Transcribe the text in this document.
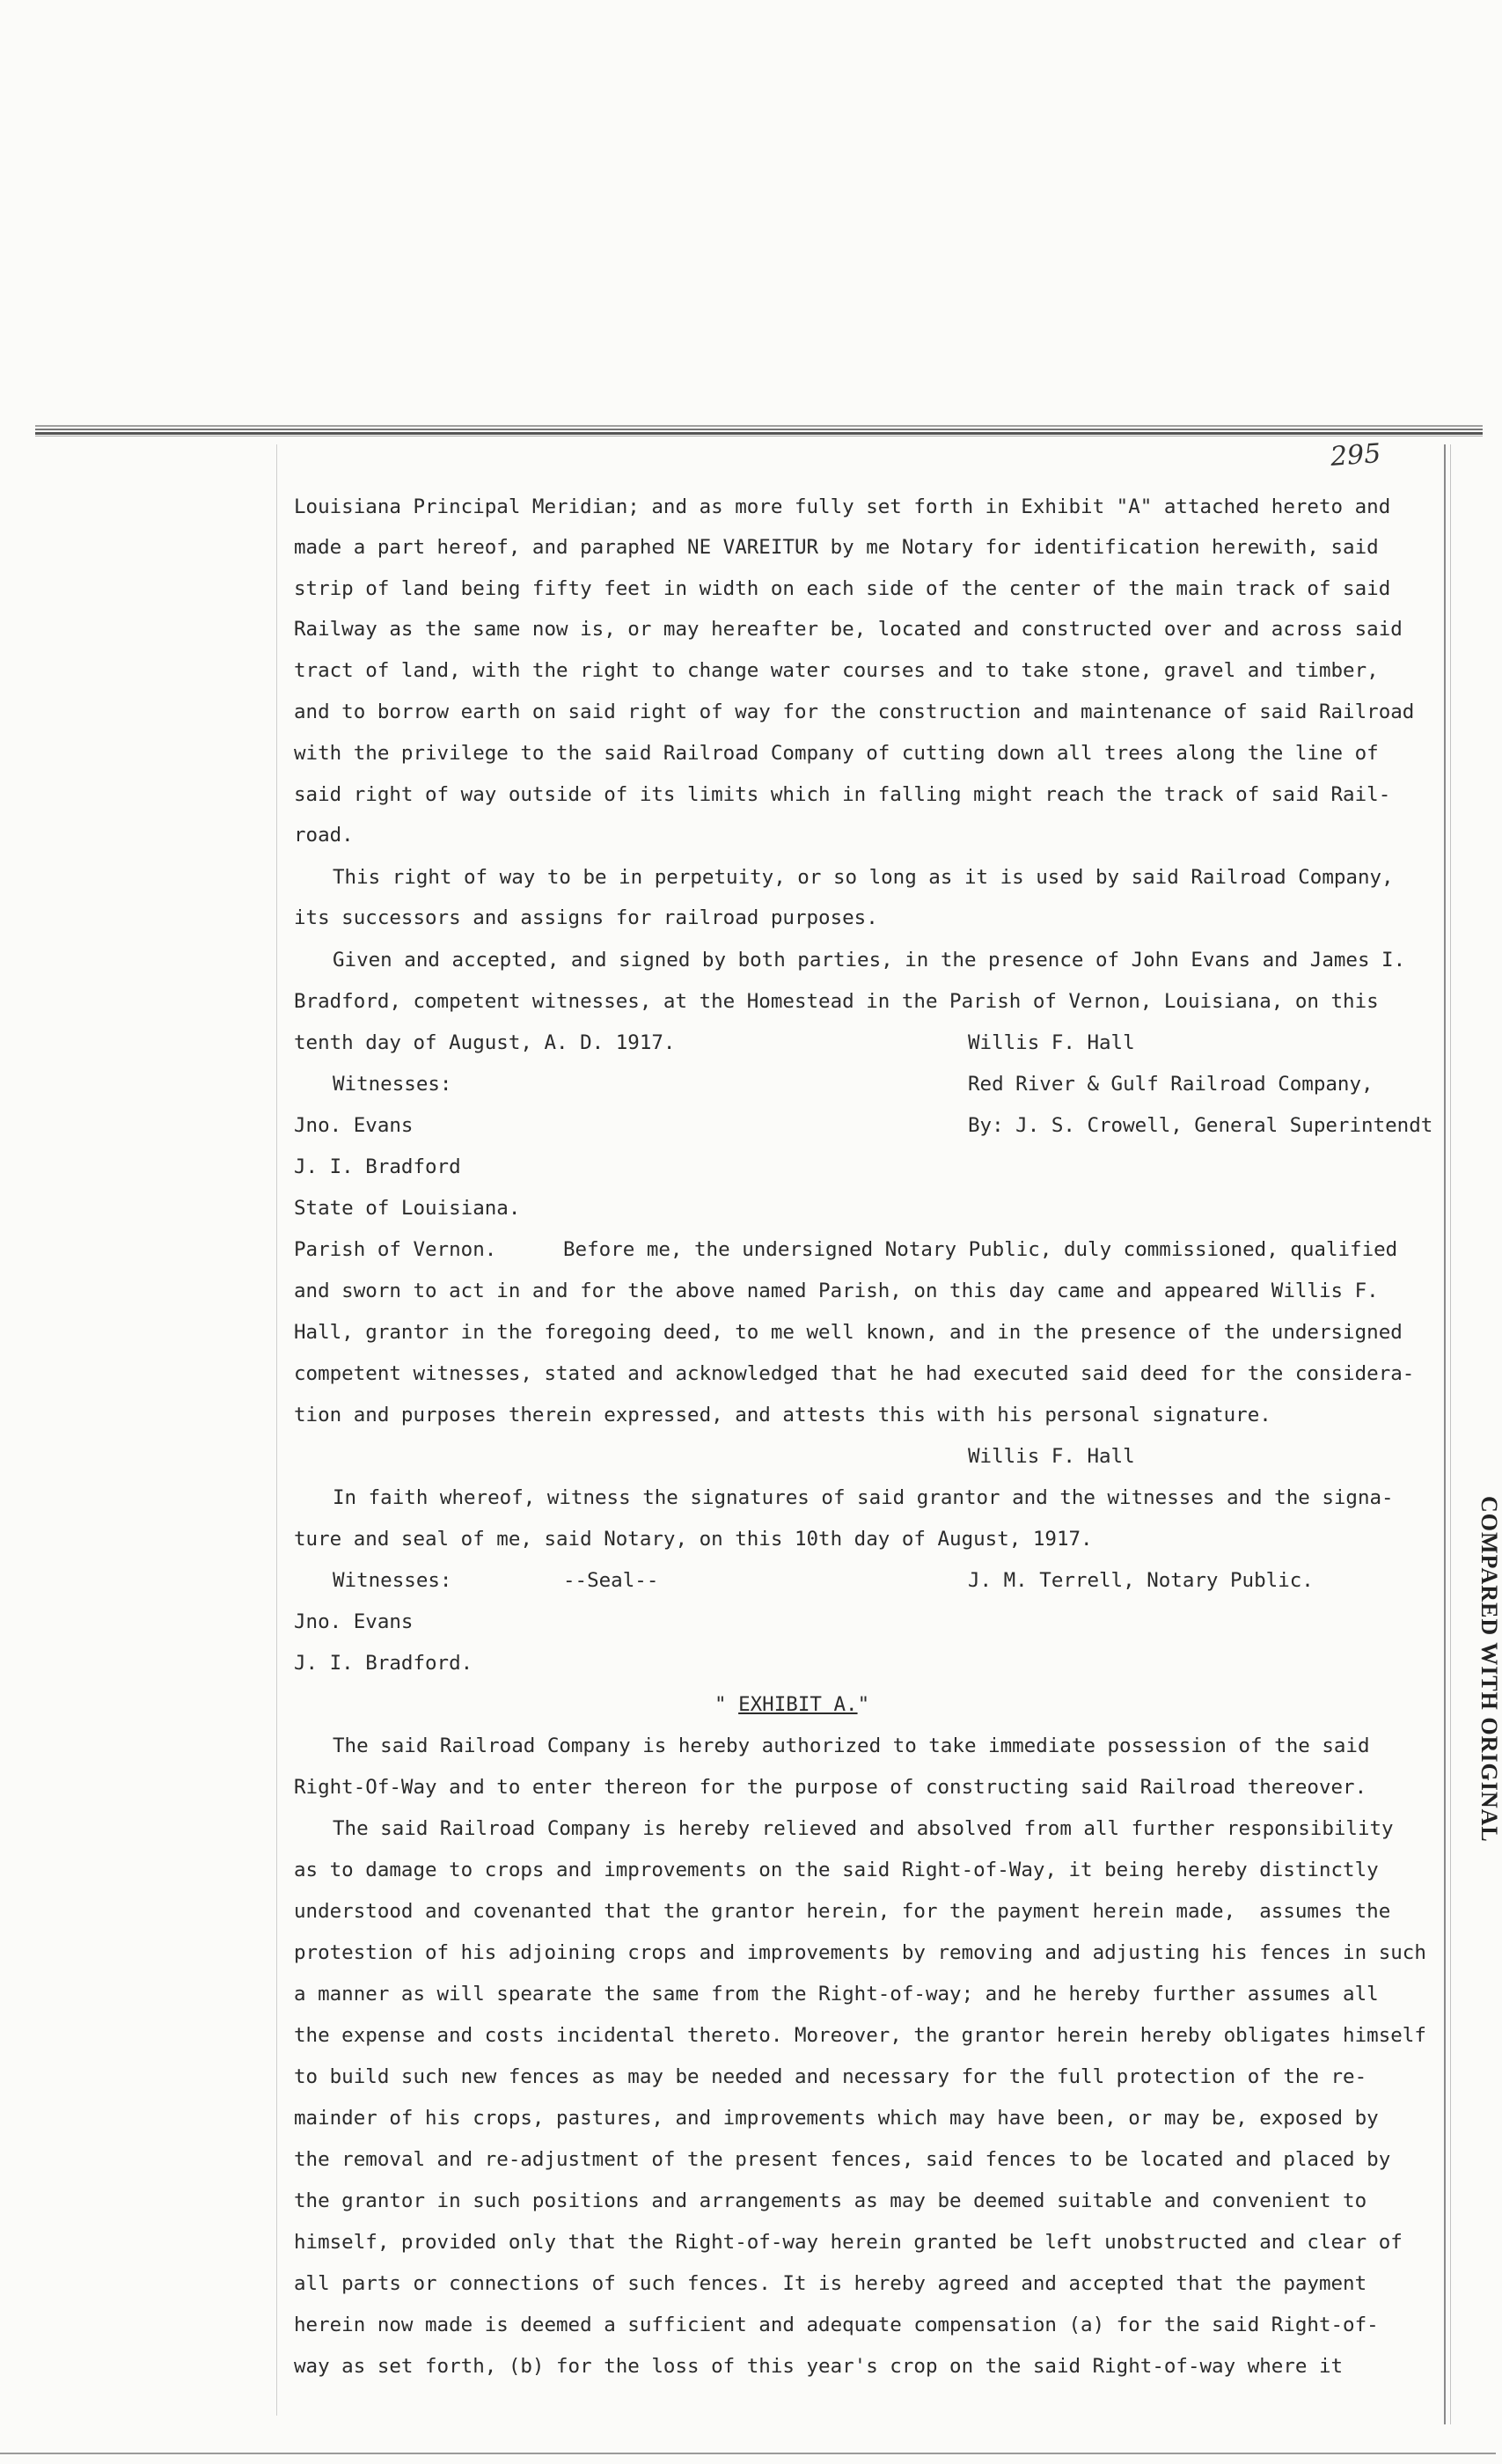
295
COMPARED WITH ORIGINAL
Louisiana Principal Meridian; and as more fully set forth in Exhibit "A" attached hereto and
made a part hereof, and paraphed NE VAREITUR by me Notary for identification herewith, said
strip of land being fifty feet in width on each side of the center of the main track of said
Railway as the same now is, or may hereafter be, located and constructed over and across said
tract of land, with the right to change water courses and to take stone, gravel and timber,
and to borrow earth on said right of way for the construction and maintenance of said Railroad
with the privilege to the said Railroad Company of cutting down all trees along the line of
said right of way outside of its limits which in falling might reach the track of said Rail-
road.
This right of way to be in perpetuity, or so long as it is used by said Railroad Company,
its successors and assigns for railroad purposes.
Given and accepted, and signed by both parties, in the presence of John Evans and James I.
Bradford, competent witnesses, at the Homestead in the Parish of Vernon, Louisiana, on this
tenth day of August, A. D. 1917.	Willis F. Hall
Witnesses:	Red River & Gulf Railroad Company,
Jno. Evans	By: J. S. Crowell, General Superintendt
J. I. Bradford
State of Louisiana.
Parish of Vernon.	Before me, the undersigned Notary Public, duly commissioned, qualified
and sworn to act in and for the above named Parish, on this day came and appeared Willis F.
Hall, grantor in the foregoing deed, to me well known, and in the presence of the undersigned
competent witnesses, stated and acknowledged that he had executed said deed for the considera-
tion and purposes therein expressed, and attests this with his personal signature.
Willis F. Hall
In faith whereof, witness the signatures of said grantor and the witnesses and the signa-
ture and seal of me, said Notary, on this 10th day of August, 1917.
Witnesses:	--Seal--	J. M. Terrell, Notary Public.
Jno. Evans
J. I. Bradford.
" EXHIBIT A."
The said Railroad Company is hereby authorized to take immediate possession of the said
Right-Of-Way and to enter thereon for the purpose of constructing said Railroad thereover.
The said Railroad Company is hereby relieved and absolved from all further responsibility
as to damage to crops and improvements on the said Right-of-Way, it being hereby distinctly
understood and covenanted that the grantor herein, for the payment herein made,  assumes the
protestion of his adjoining crops and improvements by removing and adjusting his fences in such
a manner as will spearate the same from the Right-of-way; and he hereby further assumes all
the expense and costs incidental thereto. Moreover, the grantor herein hereby obligates himself
to build such new fences as may be needed and necessary for the full protection of the re-
mainder of his crops, pastures, and improvements which may have been, or may be, exposed by
the removal and re-adjustment of the present fences, said fences to be located and placed by
the grantor in such positions and arrangements as may be deemed suitable and convenient to
himself, provided only that the Right-of-way herein granted be left unobstructed and clear of
all parts or connections of such fences. It is hereby agreed and accepted that the payment
herein now made is deemed a sufficient and adequate compensation (a) for the said Right-of-
way as set forth, (b) for the loss of this year's crop on the said Right-of-way where it
